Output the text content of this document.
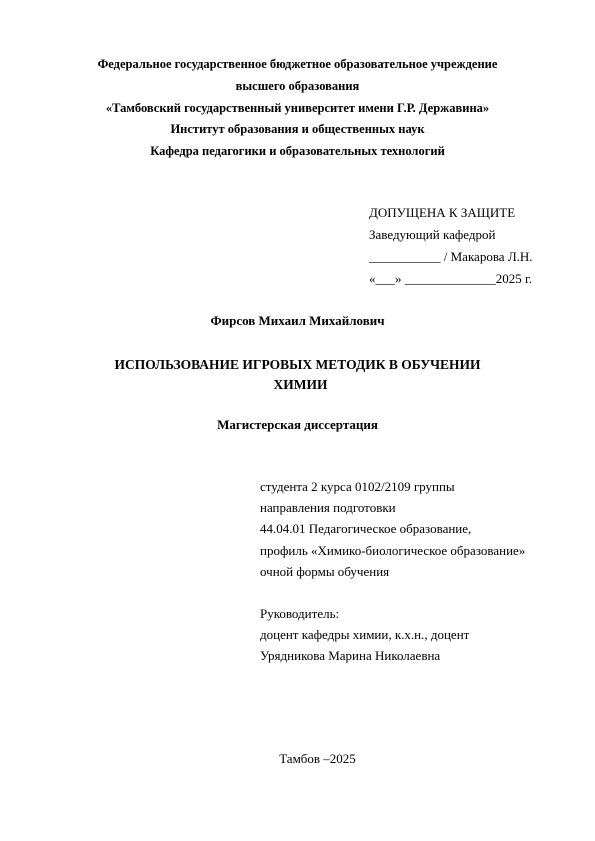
Федеральное государственное бюджетное образовательное учреждение
высшего образования
«Тамбовский государственный университет имени Г.Р. Державина»
Институт образования и общественных наук
Кафедра педагогики и образовательных технологий
ДОПУЩЕНА К ЗАЩИТЕ
Заведующий кафедрой
___________ / Макарова Л.Н.
«___» ______________2025 г.
Фирсов Михаил Михайлович
ИСПОЛЬЗОВАНИЕ ИГРОВЫХ МЕТОДИК В ОБУЧЕНИИ
ХИМИИ
Магистерская диссертация
студента 2 курса 0102/2109 группы
направления подготовки
44.04.01 Педагогическое образование,
профиль «Химико-биологическое образование»
очной формы обучения
Руководитель:
доцент кафедры химии, к.х.н., доцент
Урядникова Марина Николаевна
Тамбов –2025
